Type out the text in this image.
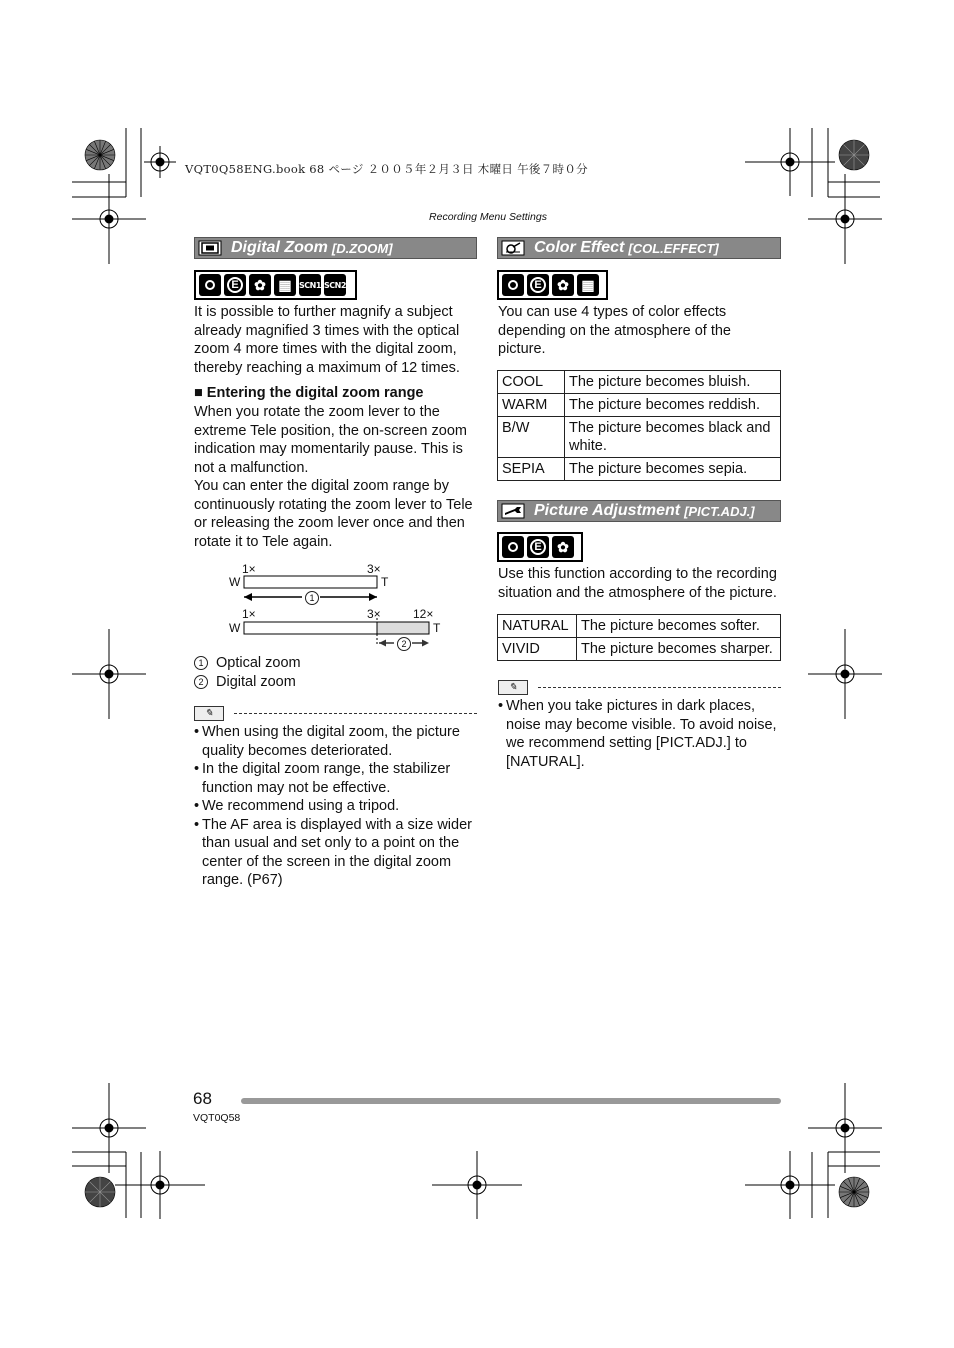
VQT0Q58ENG.book 68 ページ ２００５年２月３日 木曜日 午後７時０分
Recording Menu Settings
Digital Zoom [D.ZOOM]
E	✿ ▦ SCN1 SCN2

It is possible to further magnify a subject already magnified 3 times with the optical zoom 4 more times with the digital zoom, thereby reaching a maximum of 12 times.

■ Entering the digital zoom range

When you rotate the zoom lever to the extreme Tele position, the on-screen zoom indication may momentarily pause. This is not a malfunction.

You can enter the digital zoom range by continuously rotating the zoom lever to Tele or releasing the zoom lever once and then rotate it to Tele again.

1×	3×
W	T
1
1×	3×	12×
W	T
2
1 Optical zoom
2 Digital zoom
✎
• When using the digital zoom, the picture quality becomes deteriorated.
• In the digital zoom range, the stabilizer function may not be effective.
• We recommend using a tripod.
• The AF area is displayed with a size wider than usual and set only to a point on the center of the screen in the digital zoom range. (P67)
Color Effect [COL.EFFECT]
E	✿ ▦
You can use 4 types of color effects depending on the atmosphere of the picture.
COOL	The picture becomes bluish.
WARM	The picture becomes reddish.
B/W	The picture becomes black and white.
SEPIA	The picture becomes sepia.
Picture Adjustment [PICT.ADJ.]
E	✿
Use this function according to the recording situation and the atmosphere of the picture.
NATURAL	The picture becomes softer.
VIVID	The picture becomes sharper.
✎
• When you take pictures in dark places, noise may become visible. To avoid noise, we recommend setting [PICT.ADJ.] to [NATURAL].
68
VQT0Q58
